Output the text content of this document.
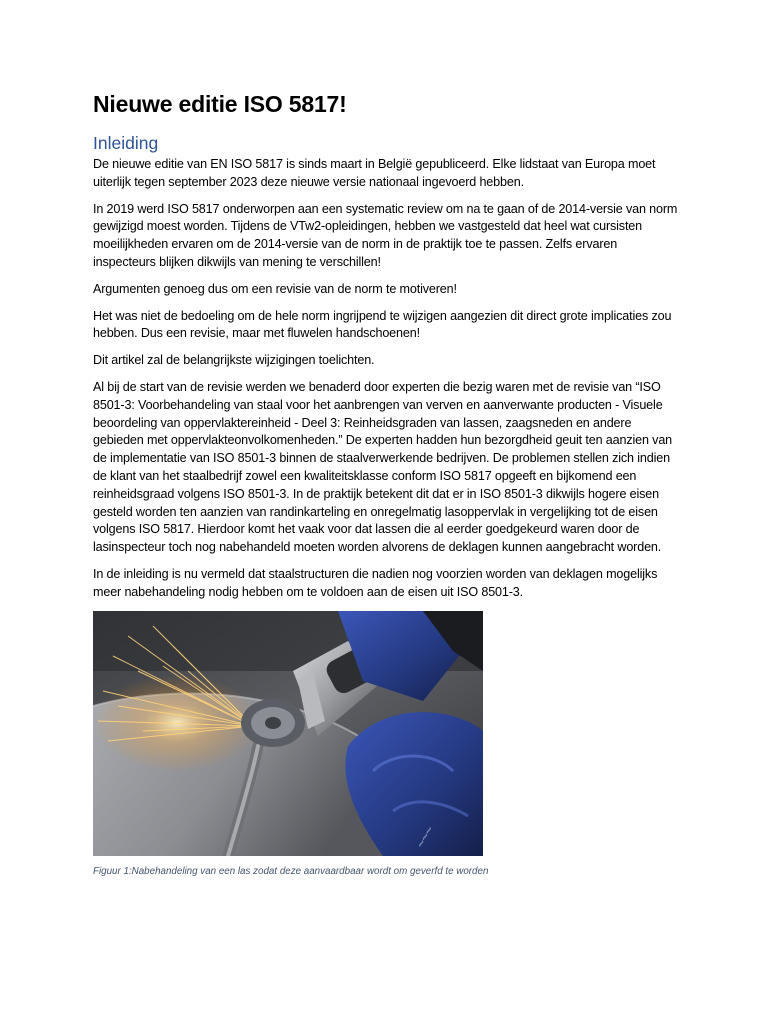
Nieuwe editie ISO 5817!
Inleiding

De nieuwe editie van EN ISO 5817 is sinds maart in België gepubliceerd. Elke lidstaat van Europa moet uiterlijk tegen september 2023 deze nieuwe versie nationaal ingevoerd hebben.

In 2019 werd ISO 5817 onderworpen aan een systematic review om na te gaan of de 2014-versie van norm gewijzigd moest worden. Tijdens de VTw2-opleidingen, hebben we vastgesteld dat heel wat cursisten moeilijkheden ervaren om de 2014-versie van de norm in de praktijk toe te passen. Zelfs ervaren inspecteurs blijken dikwijls van mening te verschillen!

Argumenten genoeg dus om een revisie van de norm te motiveren!

Het was niet de bedoeling om de hele norm ingrijpend te wijzigen aangezien dit direct grote implicaties zou hebben. Dus een revisie, maar met fluwelen handschoenen!

Dit artikel zal de belangrijkste wijzigingen toelichten.

Al bij de start van de revisie werden we benaderd door experten die bezig waren met de revisie van “ISO 8501-3: Voorbehandeling van staal voor het aanbrengen van verven en aanverwante producten - Visuele beoordeling van oppervlaktereinheid - Deel 3: Reinheidsgraden van lassen, zaagsneden en andere gebieden met oppervlakteonvolkomenheden.” De experten hadden hun bezorgdheid geuit ten aanzien van de implementatie van ISO 8501-3 binnen de staalverwerkende bedrijven. De problemen stellen zich indien de klant van het staalbedrijf zowel een kwaliteitsklasse conform ISO 5817 opgeeft en bijkomend een reinheidsgraad volgens ISO 8501-3. In de praktijk betekent dit dat er in ISO 8501-3 dikwijls hogere eisen gesteld worden ten aanzien van randinkarteling en onregelmatig lasoppervlak in vergelijking tot de eisen volgens ISO 5817. Hierdoor komt het vaak voor dat lassen die al eerder goedgekeurd waren door de lasinspecteur toch nog nabehandeld moeten worden alvorens de deklagen kunnen aangebracht worden.

In de inleiding is nu vermeld dat staalstructuren die nadien nog voorzien worden van deklagen mogelijks meer nabehandeling nodig hebben om te voldoen aan de eisen uit ISO 8501-3.

~~~
Figuur 1:Nabehandeling van een las zodat deze aanvaardbaar wordt om geverfd te worden
